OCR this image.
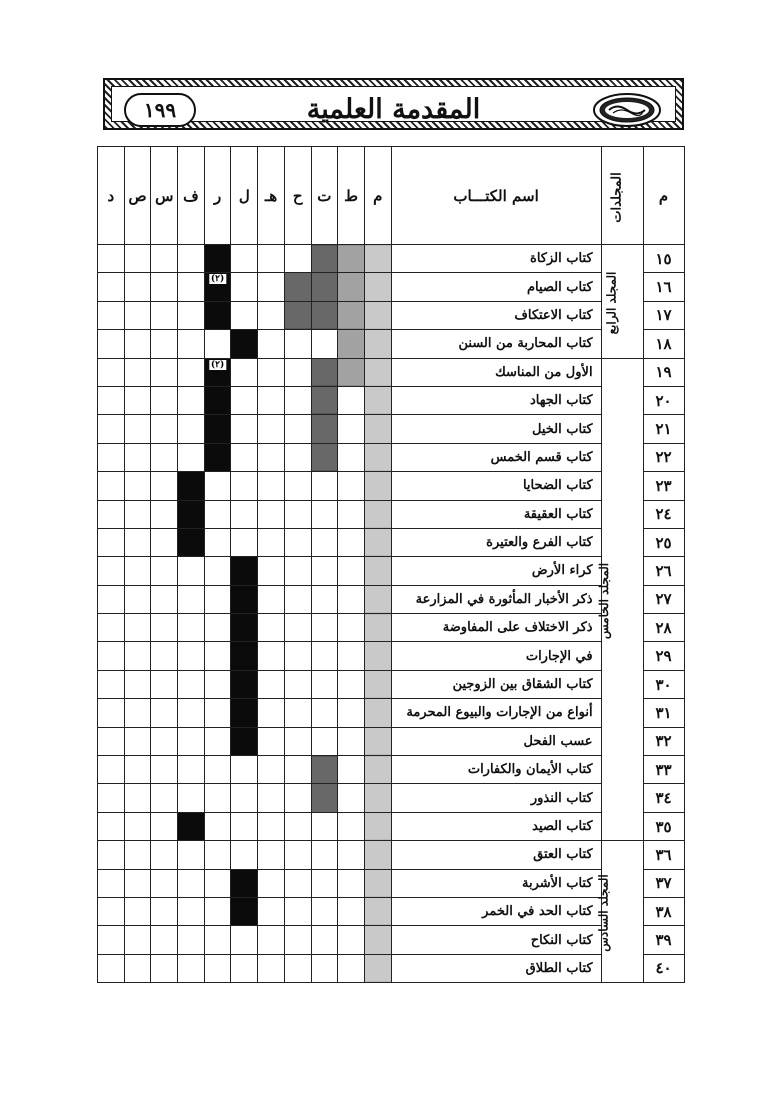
١٩٩	المقدمة العلمية
م	المجلدات	اسم الكتـــاب	م	ط	ت	ح	هـ	ل	ر	ف	س	ص	د
١٥	المجلد الرابع	كتاب الزكاة											
١٦		كتاب الصيام							(٢)				

١٧		كتاب الاعتكاف											
١٨		كتاب المحاربة من السنن											
١٩	المجلد الخامس	الأول من المناسك							(٢)				

٢٠		كتاب الجهاد											
٢١		كتاب الخيل											
٢٢		كتاب قسم الخمس											
٢٣		كتاب الضحايا											
٢٤		كتاب العقيقة											
٢٥		كتاب الفرع والعتيرة											
٢٦		كراء الأرض											
٢٧		ذكر الأخبار المأثورة في المزارعة											
٢٨		ذكر الاختلاف على المفاوضة											
٢٩		في الإجارات											
٣٠		كتاب الشقاق بين الزوجين											
٣١		أنواع من الإجارات والبيوع المحرمة											
٣٢		عسب الفحل											
٣٣		كتاب الأيمان والكفارات											
٣٤		كتاب النذور											
٣٥		كتاب الصيد											
٣٦	المجلد السادس	كتاب العتق											
٣٧		كتاب الأشربة											
٣٨		كتاب الحد في الخمر											
٣٩		كتاب النكاح											
٤٠		كتاب الطلاق											
